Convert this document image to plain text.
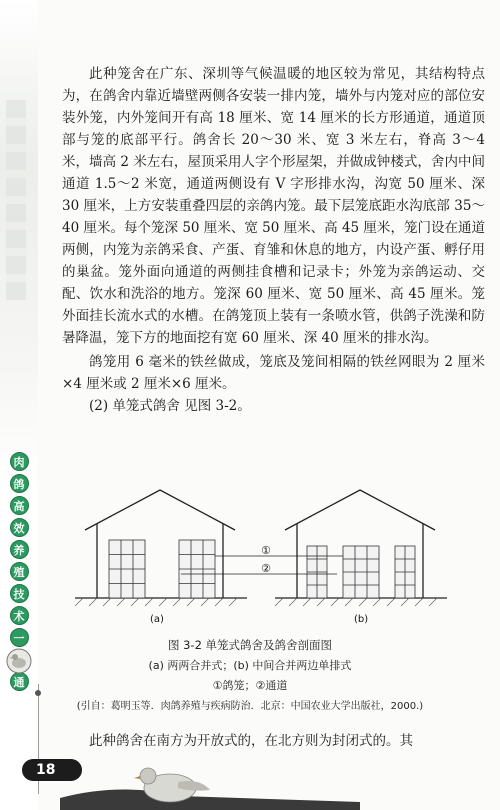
肉
鸽
高
效
养
殖
技
术
一
通

此种笼舍在广东、深圳等气候温暖的地区较为常见，其结构特点为，在鸽舍内靠近墙壁两侧各安装一排内笼，墙外与内笼对应的部位安装外笼，内外笼间开有高 18 厘米、宽 14 厘米的长方形通道，通道顶部与笼的底部平行。鸽舍长 20～30 米、宽 3 米左右，脊高 3～4 米，墙高 2 米左右，屋顶采用人字个形屋架，并做成钟楼式，舍内中间通道 1.5～2 米宽，通道两侧设有 V 字形排水沟，沟宽 50 厘米、深 30 厘米，上方安装重叠四层的亲鸽内笼。最下层笼底距水沟底部 35～40 厘米。每个笼深 50 厘米、宽 50 厘米、高 45 厘米，笼门设在通道两侧，内笼为亲鸽采食、产蛋、育雏和休息的地方，内设产蛋、孵仔用的巢盆。笼外面向通道的两侧挂食槽和记录卡；外笼为亲鸽运动、交配、饮水和洗浴的地方。笼深 60 厘米、宽 50 厘米、高 45 厘米。笼外面挂长流水式的水槽。在鸽笼顶上装有一条喷水管，供鸽子洗澡和防暑降温，笼下方的地面挖有宽 60 厘米、深 40 厘米的排水沟。

鸽笼用 6 毫米的铁丝做成，笼底及笼间相隔的铁丝网眼为 2 厘米×4 厘米或 2 厘米×6 厘米。

(2) 单笼式鸽舍 见图 3-2。

①
②
(a)	(b)
图 3-2 单笼式鸽舍及鸽舍剖面图
(a) 两两合并式；(b) 中间合并两边单排式
①鸽笼；②通道
(引自：葛明玉等．肉鸽养殖与疾病防治．北京：中国农业大学出版社，2000.)

此种鸽舍在南方为开放式的，在北方则为封闭式的。其

18
